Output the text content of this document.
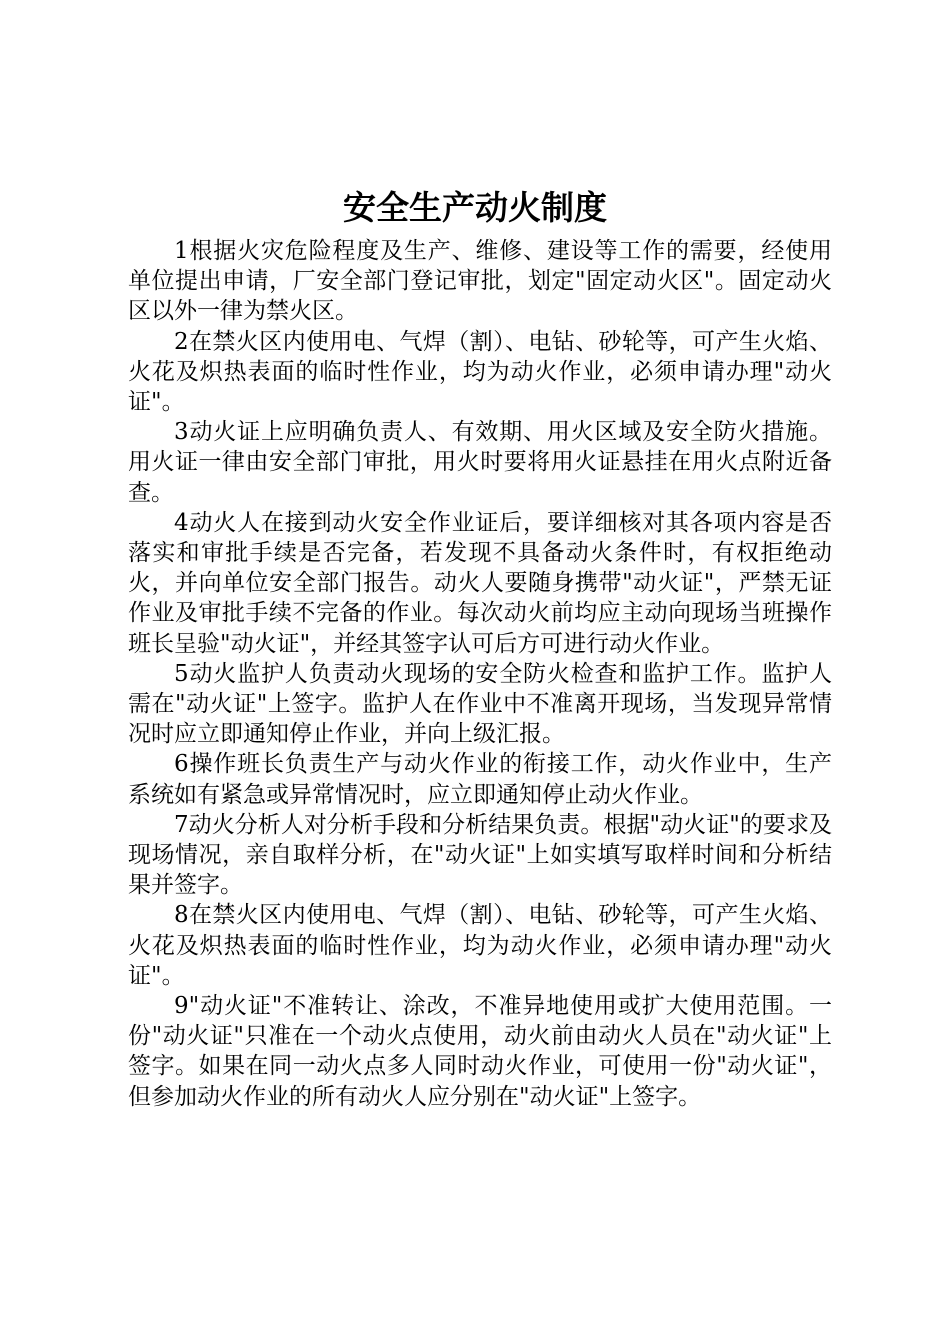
安全生产动火制度

1根据火灾危险程度及生产、维修、建设等工作的需要，经使用单位提出申请，厂安全部门登记审批，划定"固定动火区"。固定动火区以外一律为禁火区。

2在禁火区内使用电、气焊（割）、电钻、砂轮等，可产生火焰、火花及炽热表面的临时性作业，均为动火作业，必须申请办理"动火证"。

3动火证上应明确负责人、有效期、用火区域及安全防火措施。用火证一律由安全部门审批，用火时要将用火证悬挂在用火点附近备查。

4动火人在接到动火安全作业证后，要详细核对其各项内容是否落实和审批手续是否完备，若发现不具备动火条件时，有权拒绝动火，并向单位安全部门报告。动火人要随身携带"动火证"，严禁无证作业及审批手续不完备的作业。每次动火前均应主动向现场当班操作班长呈验"动火证"，并经其签字认可后方可进行动火作业。

5动火监护人负责动火现场的安全防火检查和监护工作。监护人需在"动火证"上签字。监护人在作业中不准离开现场，当发现异常情况时应立即通知停止作业，并向上级汇报。

6操作班长负责生产与动火作业的衔接工作，动火作业中，生产系统如有紧急或异常情况时，应立即通知停止动火作业。

7动火分析人对分析手段和分析结果负责。根据"动火证"的要求及现场情况，亲自取样分析，在"动火证"上如实填写取样时间和分析结果并签字。

8在禁火区内使用电、气焊（割）、电钻、砂轮等，可产生火焰、火花及炽热表面的临时性作业，均为动火作业，必须申请办理"动火证"。

9"动火证"不准转让、涂改，不准异地使用或扩大使用范围。一份"动火证"只准在一个动火点使用，动火前由动火人员在"动火证"上签字。如果在同一动火点多人同时动火作业，可使用一份"动火证"，但参加动火作业的所有动火人应分别在"动火证"上签字。
